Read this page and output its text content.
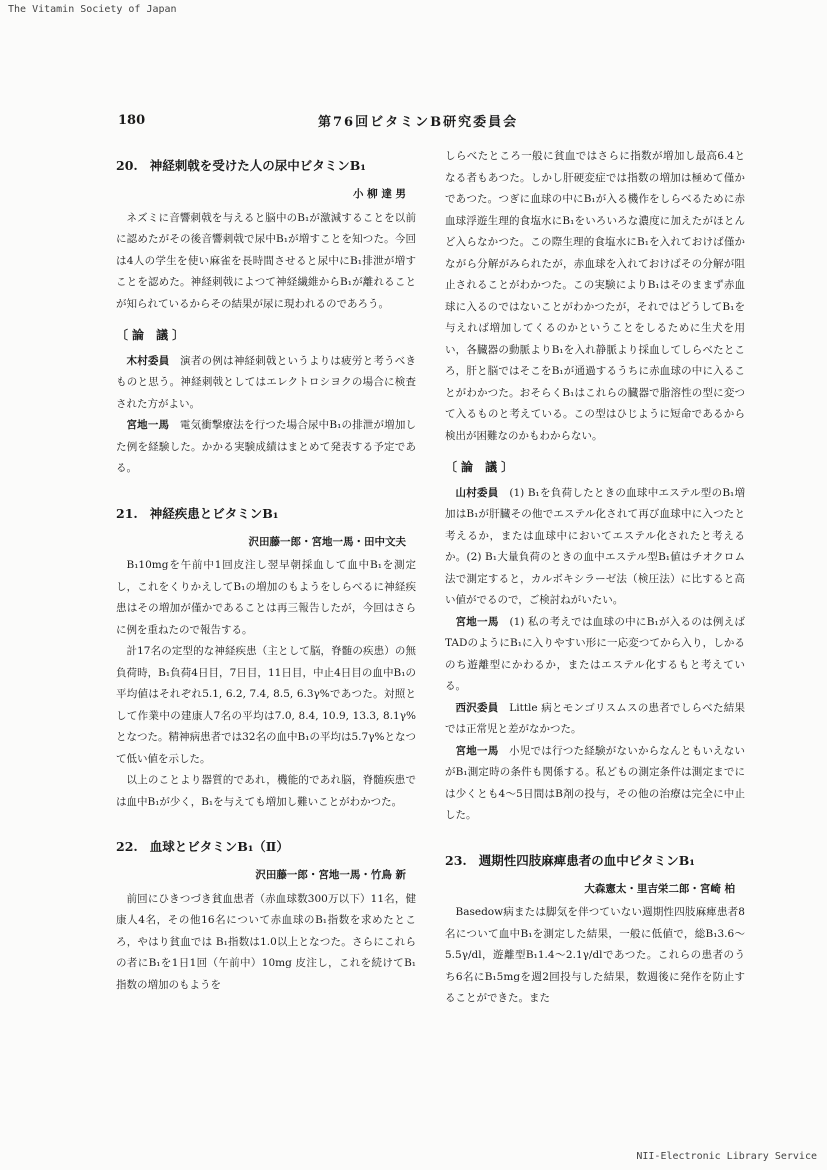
The Vitamin Society of Japan
180	第76回ビタミンB研究委員会
20. 神経刺戟を受けた人の尿中ビタミンB₁
小 柳 達 男

ネズミに音響刺戟を与えると脳中のB₁が激減することを以前に認めたがその後音響刺戟で尿中B₁が増すことを知つた。今回は4人の学生を使い麻雀を長時間させると尿中にB₁排泄が増すことを認めた。神経刺戟によつて神経繊維からB₁が離れることが知られているからその結果が尿に現われるのであろう。

〔論 議〕

木村委員　 演者の例は神経刺戟というよりは疲労と考うべきものと思う。神経刺戟としてはエレクトロシヨクの場合に検査された方がよい。

宮地一馬　 電気衝撃療法を行つた場合尿中B₁の排泄が増加した例を経験した。かかる実験成績はまとめて発表する予定である。

21. 神経疾患とビタミンB₁
沢田藤一郎・宮地一馬・田中文夫

B₁10mgを午前中1回皮注し翌早朝採血して血中B₁を測定し，これをくりかえしてB₁の増加のもようをしらべるに神経疾患はその増加が僅かであることは再三報告したが，今回はさらに例を重ねたので報告する。

計17名の定型的な神経疾患（主として脳，脊髄の疾患）の無負荷時，B₁負荷4日目，7日目，11日目，中止4日目の血中B₁の平均値はそれぞれ5.1, 6.2, 7.4, 8.5, 6.3γ%であつた。対照として作業中の建康人7名の平均は7.0, 8.4, 10.9, 13.3, 8.1γ%となつた。精神病患者では32名の血中B₁の平均は5.7γ%となつて低い値を示した。

以上のことより器質的であれ，機能的であれ脳，脊髄疾患では血中B₁が少く，B₁を与えても増加し難いことがわかつた。

22. 血球とビタミンB₁（Ⅱ）
沢田藤一郎・宮地一馬・竹鳥 新

前回にひきつづき貧血患者（赤血球数300万以下）11名，健康人4名，その他16名について赤血球のB₁指数を求めたところ，やはり貧血では B₁指数は1.0以上となつた。さらにこれらの者にB₁を1日1回（午前中）10mg 皮注し，これを続けてB₁指数の増加のもようを

しらべたところ一般に貧血ではさらに指数が増加し最高6.4となる者もあつた。しかし肝硬変症では指数の増加は極めて僅かであつた。つぎに血球の中にB₁が入る機作をしらべるために赤血球浮遊生理的食塩水にB₁をいろいろな濃度に加えたがほとんど入らなかつた。この際生理的食塩水にB₁を入れておけば僅かながら分解がみられたが，赤血球を入れておけばその分解が阻止されることがわかつた。この実験によりB₁はそのままず赤血球に入るのではないことがわかつたが，それではどうしてB₁を与えれば増加してくるのかということをしるために生犬を用い，各臓器の動脈よりB₁を入れ静脈より採血してしらべたところ，肝と脳ではそこをB₁が通過するうちに赤血球の中に入ることがわかつた。おそらくB₁はこれらの臓器で脂溶性の型に変つて入るものと考えている。この型はひじように短命であるから検出が困難なのかもわからない。

〔論 議〕

山村委員　 (1) B₁を負荷したときの血球中エステル型のB₁増加はB₁が肝臓その他でエステル化されて再び血球中に入つたと考えるか，または血球中においてエステル化されたと考えるか。(2) B₁大量負荷のときの血中エステル型B₁値はチオクロム法で測定すると，カルボキシラーゼ法（検圧法）に比すると高い値がでるので，ご検討ねがいたい。

宮地一馬　 (1) 私の考えでは血球の中にB₁が入るのは例えばTADのようにB₁に入りやすい形に一応変つてから入り，しかるのち遊離型にかわるか，またはエステル化するもと考えている。

西沢委員　 Little 病とモンゴリスムスの患者でしらべた結果では正常児と差がなかつた。

宮地一馬　 小児では行つた経験がないからなんともいえないがB₁測定時の条件も関係する。私どもの測定条件は測定までには少くとも4～5日間はB剤の投与，その他の治療は完全に中止した。

23. 週期性四肢麻痺患者の血中ビタミンB₁
大森憲太・里吉栄二郎・宮崎 柏

Basedow病または脚気を伴つていない週期性四肢麻痺患者8名について血中B₁を測定した結果，一般に低値で，総B₁3.6～5.5γ/dl，遊離型B₁1.4～2.1γ/dlであつた。これらの患者のうち6名にB₁5mgを週2回投与した結果，数週後に発作を防止することができた。また

NII-Electronic Library Service
